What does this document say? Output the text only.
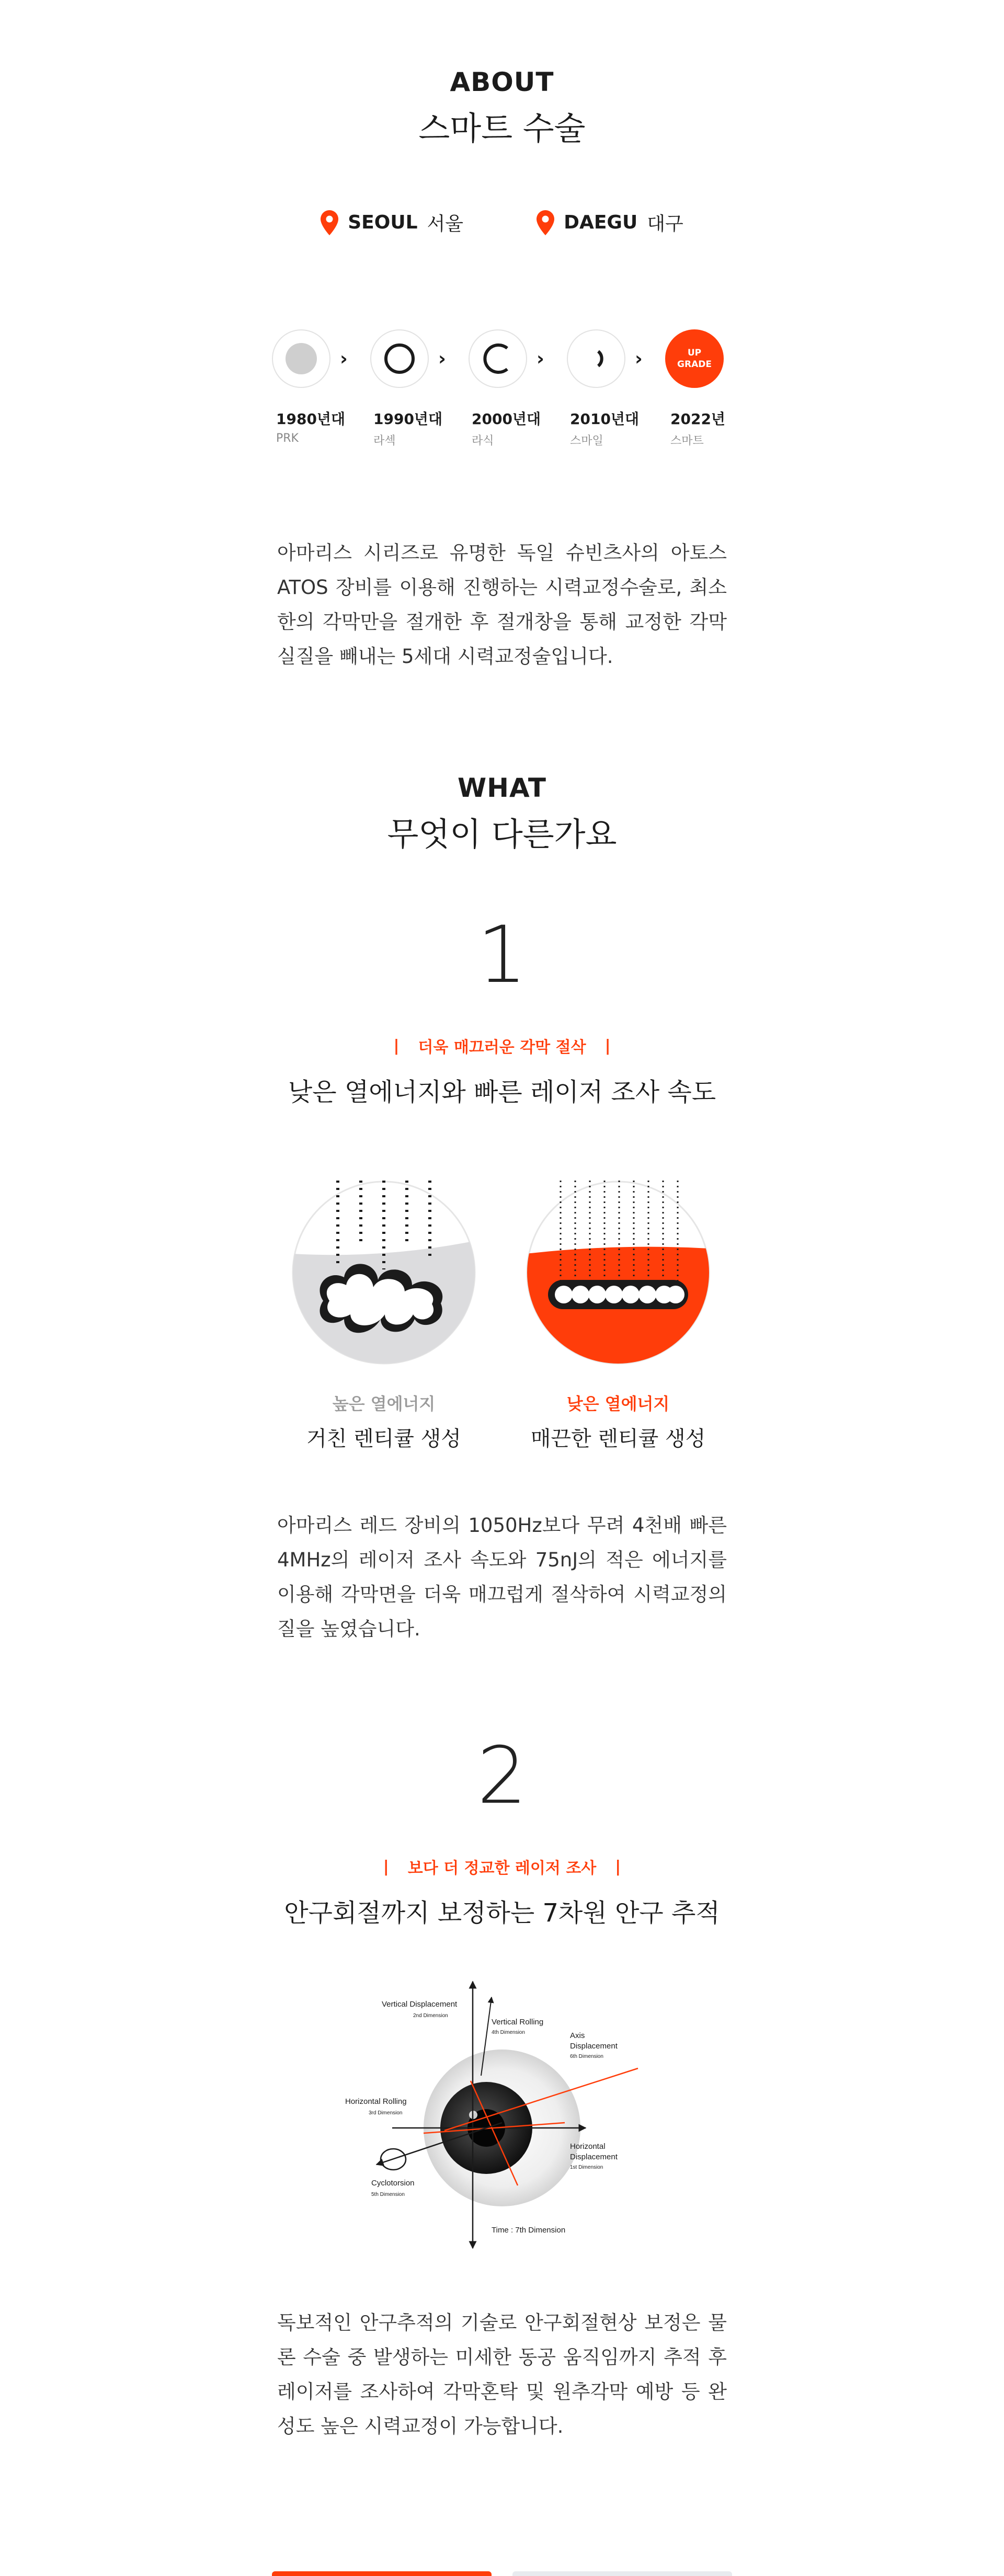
ABOUT
스마트 수술
SEOUL 서울	DAEGU 대구
›	›	›	›	UP
GRADE
1980년대
PRK
1990년대
라섹
2000년대
라식
2010년대
스마일
2022년
스마트
아마리스 시리즈로 유명한 독일 슈빈츠사의 아토스ATOS 장비를 이용해 진행하는 시력교정수술로, 최소한의 각막만을 절개한 후 절개창을 통해 교정한 각막 실질을 빼내는 5세대 시력교정술입니다.
WHAT
무엇이 다른가요
1
| 더욱 매끄러운 각막 절삭 |
낮은 열에너지와 빠른 레이저 조사 속도
높은 열에너지
거친 렌티큘 생성
낮은 열에너지
매끈한 렌티큘 생성
아마리스 레드 장비의 1050Hz보다 무려 4천배 빠른 4MHz의 레이저 조사 속도와 75nJ의 적은 에너지를 이용해 각막면을 더욱 매끄럽게 절삭하여 시력교정의 질을 높였습니다.
2
| 보다 더 정교한 레이저 조사 |
안구회절까지 보정하는 7차원 안구 추적
Vertical Displacement
2nd Dimension
Vertical Rolling
4th Dimension	Axis
Displacement
6th Dimension
Horizontal Rolling
3rd Dimension
Horizontal
Displacement
1st Dimension
Cyclotorsion
5th Dimension
Time : 7th Dimension
독보적인 안구추적의 기술로 안구회절현상 보정은 물론 수술 중 발생하는 미세한 동공 움직임까지 추적 후 레이저를 조사하여 각막혼탁 및 원추각막 예방 등 완성도 높은 시력교정이 가능합니다.
